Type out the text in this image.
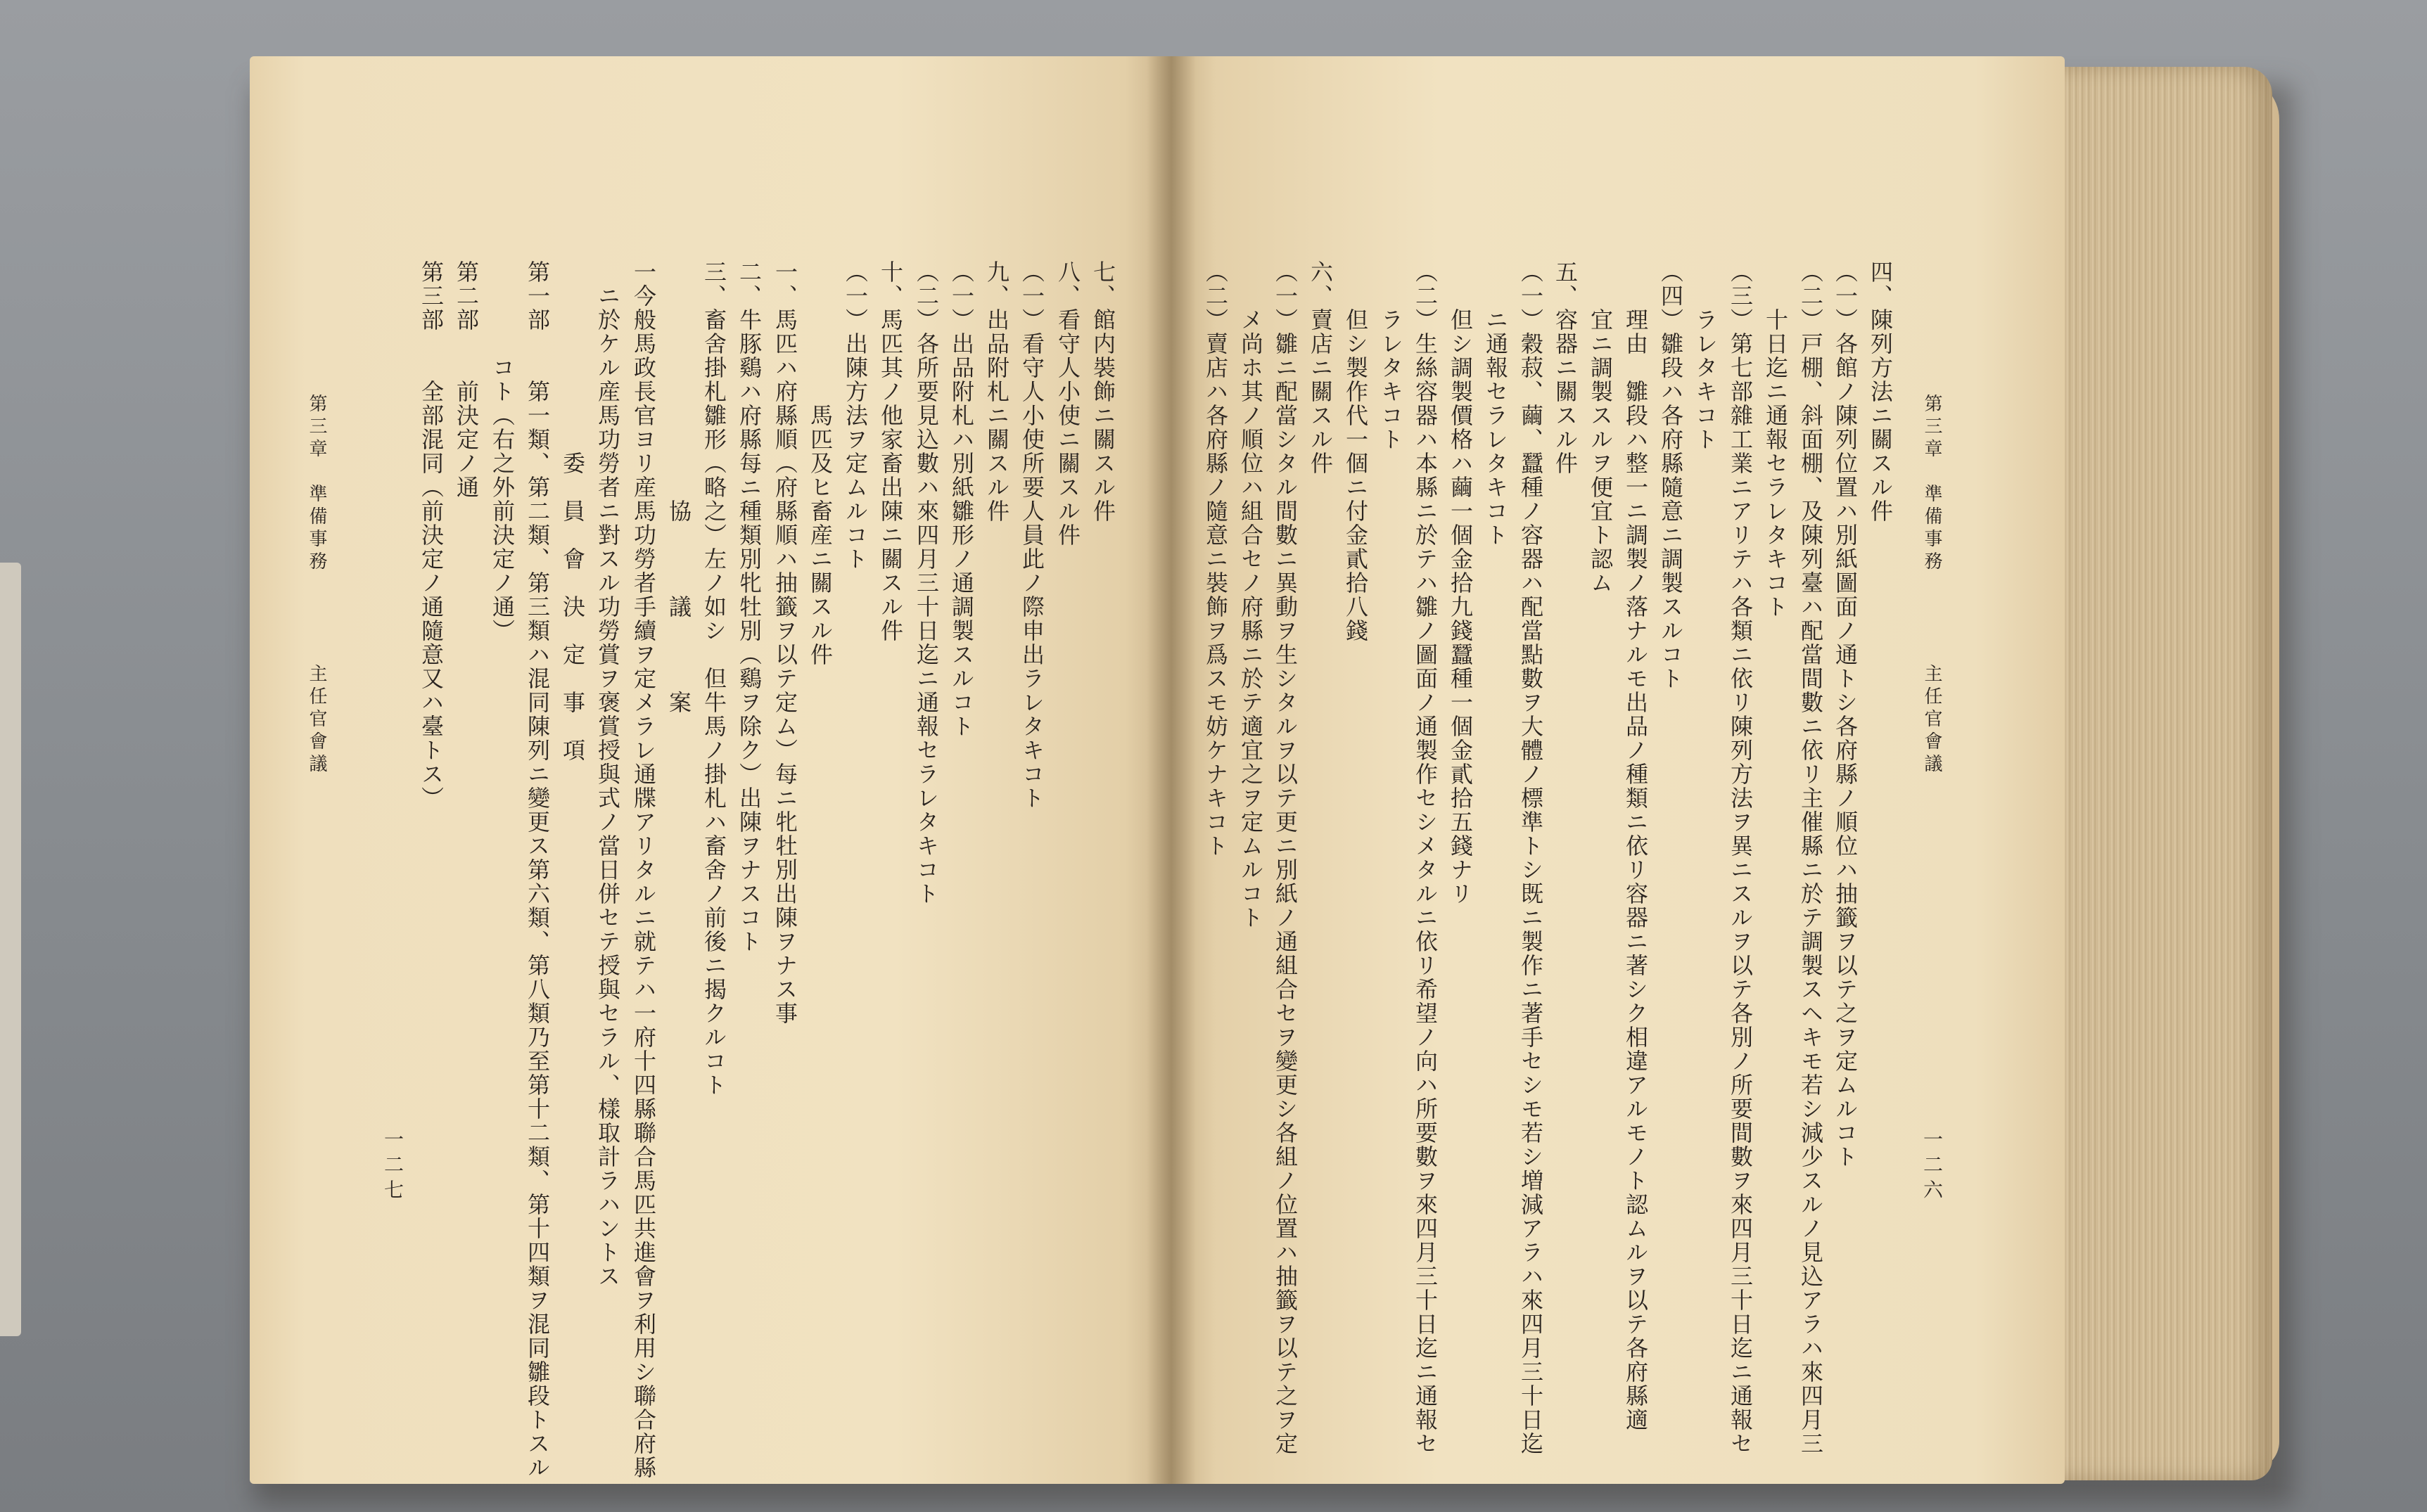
第三章　準備事務　　　　主任官會議
四、陳列方法ニ關スル件
（一）各館ノ陳列位置ハ別紙圖面ノ通トシ各府縣ノ順位ハ抽籤ヲ以テ之ヲ定ムルコト
（二）戸棚、斜面棚、及陳列臺ハ配當間數ニ依リ主催縣ニ於テ調製スヘキモ若シ減少スルノ見込アラハ來四月三
　　十日迄ニ通報セラレタキコト
（三）第七部雜工業ニアリテハ各類ニ依リ陳列方法ヲ異ニスルヲ以テ各別ノ所要間數ヲ來四月三十日迄ニ通報セ
　　ラレタキコト
（四）雛段ハ各府縣隨意ニ調製スルコト
　　理由　雛段ハ整一ニ調製ノ落ナルモ出品ノ種類ニ依リ容器ニ著シク相違アルモノト認ムルヲ以テ各府縣適
　　宜ニ調製スルヲ便宜ト認ム
五、容器ニ關スル件
（一）穀菽、繭、蠶種ノ容器ハ配當點數ヲ大體ノ標準トシ既ニ製作ニ著手セシモ若シ増減アラハ來四月三十日迄
　　ニ通報セラレタキコト
　　但シ調製價格ハ繭一個金拾九錢蠶種一個金貳拾五錢ナリ
（二）生絲容器ハ本縣ニ於テハ雛ノ圖面ノ通製作セシメタルニ依リ希望ノ向ハ所要數ヲ來四月三十日迄ニ通報セ
　　ラレタキコト
　　但シ製作代一個ニ付金貳拾八錢
六、賣店ニ關スル件
一二六
七、館内裝飾ニ關スル件
八、看守人小使ニ關スル件
（一）看守人小使所要人員此ノ際申出ラレタキコト
九、出品附札ニ關スル件
（一）出品附札ハ別紙雛形ノ通調製スルコト
（二）各所要見込數ハ來四月三十日迄ニ通報セラレタキコト
十、馬匹其ノ他家畜出陳ニ關スル件
（一）出陳方法ヲ定ムルコト
　　　　　　馬匹及ヒ畜産ニ關スル件
一、馬匹ハ府縣順（府縣順ハ抽籤ヲ以テ定ム）每ニ牝牡別出陳ヲナス事
二、牛豚鷄ハ府縣每ニ種類別牝牡別（鷄ヲ除ク）出陳ヲナスコト
三、畜舍掛札雛形（略之）左ノ如シ　但牛馬ノ掛札ハ畜舍ノ前後ニ揭クルコト
　　　　　　　　　　協　　　議　　　案
一今般馬政長官ヨリ産馬功勞者手續ヲ定メラレ通牒アリタルニ就テハ一府十四縣聯合馬匹共進會ヲ利用シ聯合府縣
　ニ於ケル産馬功勞者ニ對スル功勞賞ヲ褒賞授與式ノ當日併セテ授與セラル、樣取計ラハントス
　　　　　　　　委　員　會　決　定　事　項
第一部　　第一類、第二類、第三類ハ混同陳列ニ變更ス第六類、第八類乃至第十二類、第十四類ヲ混同雛段トスル
　　　　コト（右之外前決定ノ通）
第二部　　前決定ノ通
第三部　　全部混同（前決定ノ通隨意又ハ臺トス）
第三章　準備事務　　　　主任官會議
一二七	（一）雛ニ配當シタル間數ニ異動ヲ生シタルヲ以テ更ニ別紙ノ通組合セヲ變更シ各組ノ位置ハ抽籤ヲ以テ之ヲ定
　　メ尚ホ其ノ順位ハ組合セノ府縣ニ於テ適宜之ヲ定ムルコト
（二）賣店ハ各府縣ノ隨意ニ裝飾ヲ爲スモ妨ケナキコト
